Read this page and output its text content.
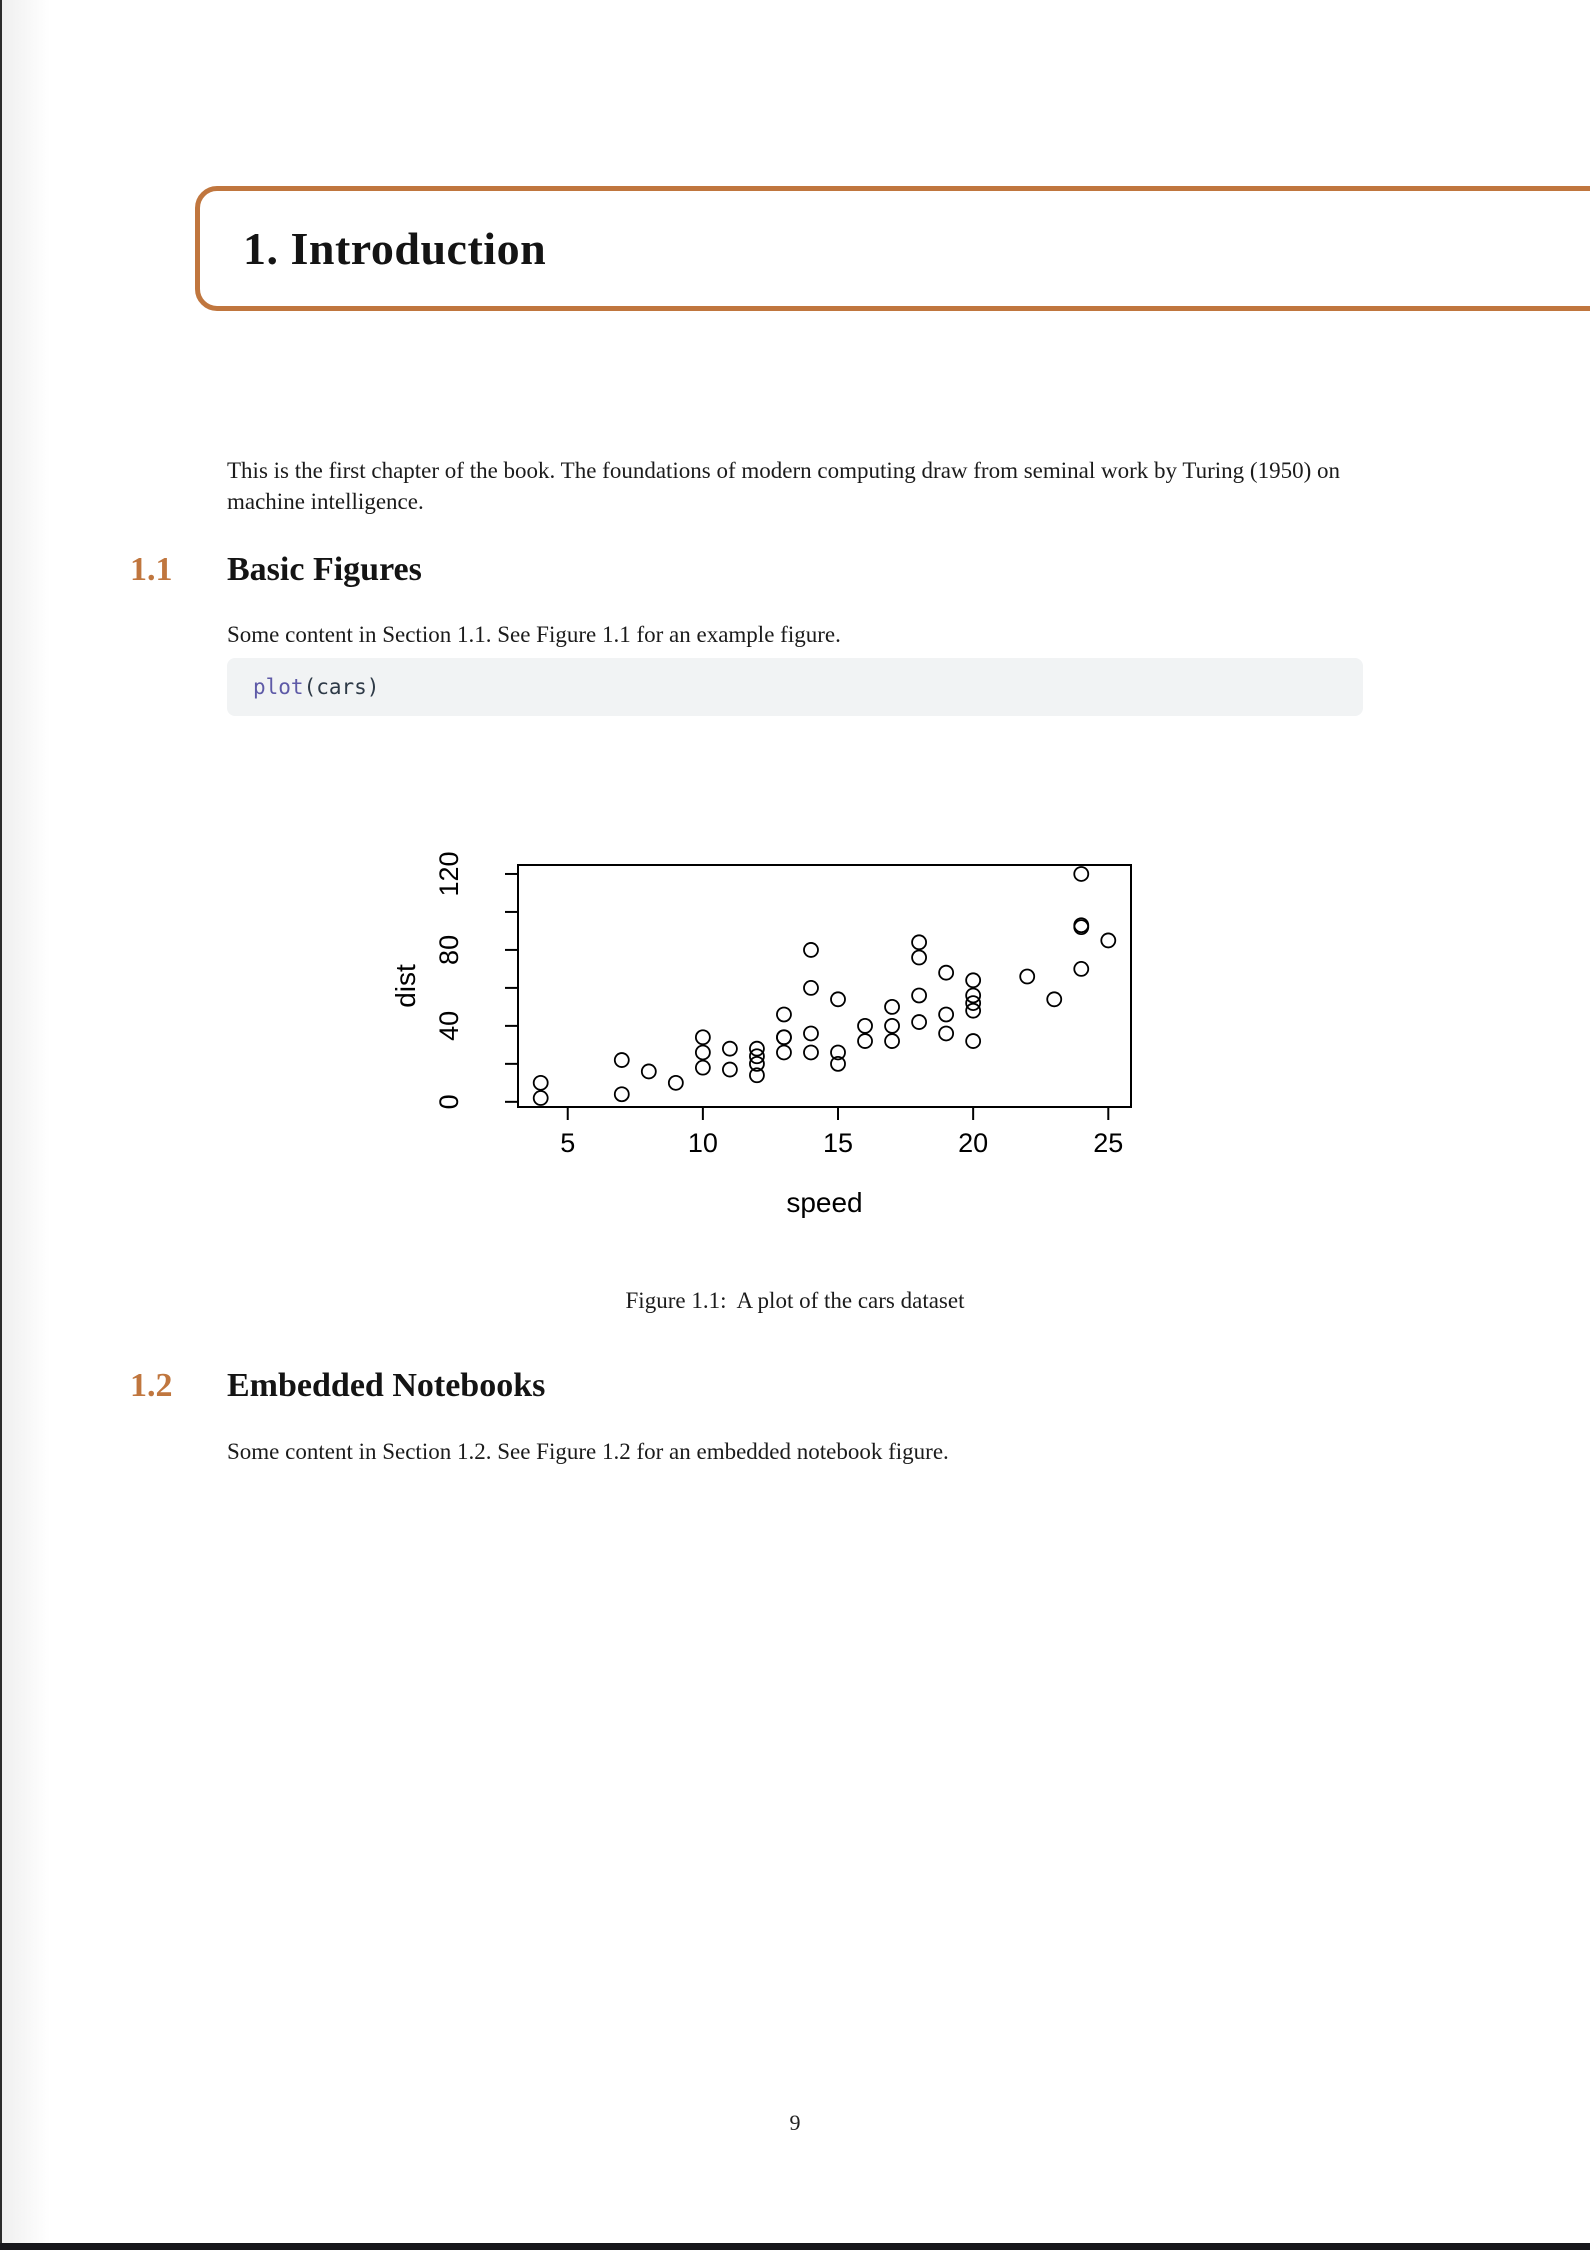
1. Introduction
This is the first chapter of the book. The foundations of modern computing draw from seminal work by Turing (1950) on machine intelligence.
1.1 Basic Figures
Some content in Section 1.1. See Figure 1.1 for an example figure.
plot (cars)
5	10	15	20	25
0
40
80
120
speed
dist
Figure 1.1: A plot of the cars dataset
1.2 Embedded Notebooks
Some content in Section 1.2. See Figure 1.2 for an embedded notebook figure.
9
